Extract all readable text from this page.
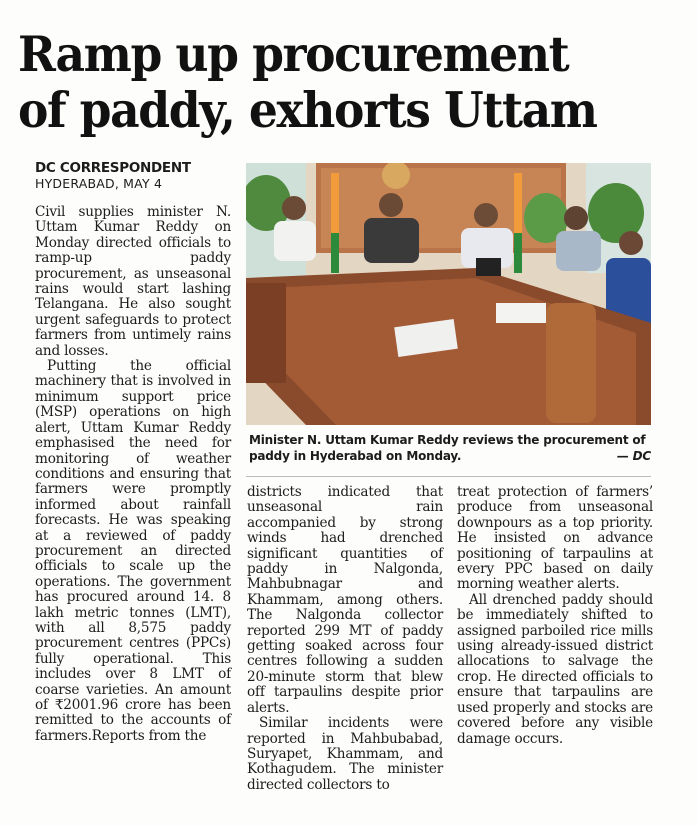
Ramp up procurement
of paddy, exhorts Uttam
DC CORRESPONDENT
HYDERABAD, MAY 4

Civil supplies minister N. Uttam Kumar Reddy on Monday directed officials to ramp-up paddy procurement, as unseasonal rains would start lashing Telangana. He also sought urgent safeguards to protect farmers from untimely rains and losses.

Putting the official machinery that is involved in minimum support price (MSP) operations on high alert, Uttam Kumar Reddy emphasised the need for monitoring of weather conditions and ensuring that farmers were promptly informed about rainfall forecasts. He was speaking at a reviewed of paddy procurement an directed officials to scale up the operations. The government has procured around 14. 8 lakh metric tonnes (LMT), with all 8,575 paddy procurement centres (PPCs) fully operational. This includes over 8 LMT of coarse varieties. An amount of ₹2001.96 crore has been remitted to the accounts of farmers.Reports from the

Minister N. Uttam Kumar Reddy reviews the procurement of paddy in Hyderabad on Monday.	— DC

districts indicated that unseasonal rain accompanied by strong winds had drenched significant quantities of paddy in Nalgonda, Mahbubnagar and Khammam, among others. The Nalgonda collector reported 299 MT of paddy getting soaked across four centres following a sudden 20-minute storm that blew off tarpaulins despite prior alerts.

Similar incidents were reported in Mahbubabad, Suryapet, Khammam, and Kothagudem. The minister directed collectors to

treat protection of farmers’ produce from unseasonal downpours as a top priority. He insisted on advance positioning of tarpaulins at every PPC based on daily morning weather alerts.

All drenched paddy should be immediately shifted to assigned parboiled rice mills using already-issued district allocations to salvage the crop. He directed officials to ensure that tarpaulins are used properly and stocks are covered before any visible damage occurs.
